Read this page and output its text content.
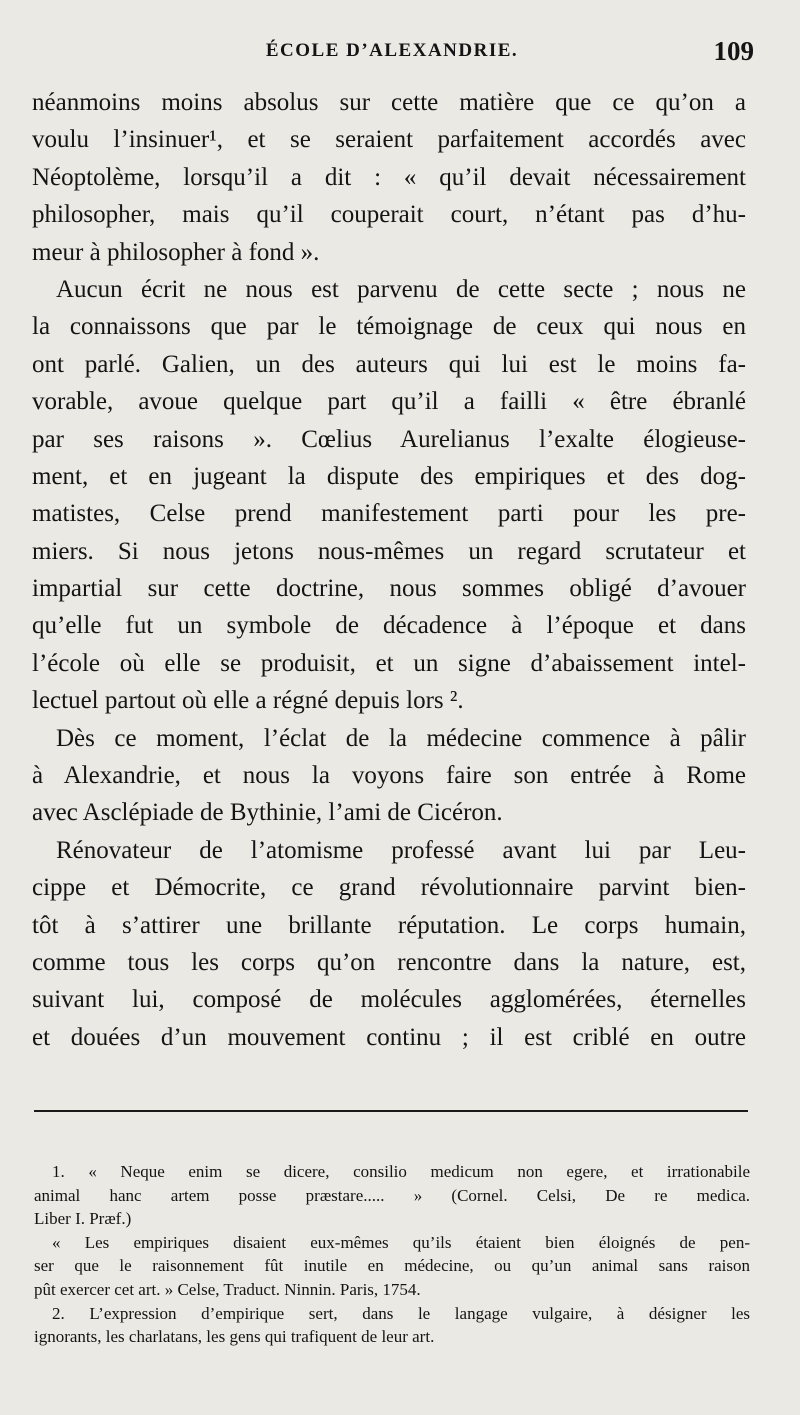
ÉCOLE D’ALEXANDRIE.	109
néanmoins moins absolus sur cette matière que ce qu’on a
voulu l’insinuer¹, et se seraient parfaitement accordés avec
Néoptolème, lorsqu’il a dit : « qu’il devait nécessairement
philosopher, mais qu’il couperait court, n’étant pas d’hu-
meur à philosopher à fond ».
Aucun écrit ne nous est parvenu de cette secte ; nous ne
la connaissons que par le témoignage de ceux qui nous en
ont parlé. Galien, un des auteurs qui lui est le moins fa-
vorable, avoue quelque part qu’il a failli « être ébranlé
par ses raisons ». Cœlius Aurelianus l’exalte élogieuse-
ment, et en jugeant la dispute des empiriques et des dog-
matistes, Celse prend manifestement parti pour les pre-
miers. Si nous jetons nous-mêmes un regard scrutateur et
impartial sur cette doctrine, nous sommes obligé d’avouer
qu’elle fut un symbole de décadence à l’époque et dans
l’école où elle se produisit, et un signe d’abaissement intel-
lectuel partout où elle a régné depuis lors ².
Dès ce moment, l’éclat de la médecine commence à pâlir
à Alexandrie, et nous la voyons faire son entrée à Rome
avec Asclépiade de Bythinie, l’ami de Cicéron.
Rénovateur de l’atomisme professé avant lui par Leu-
cippe et Démocrite, ce grand révolutionnaire parvint bien-
tôt à s’attirer une brillante réputation. Le corps humain,
comme tous les corps qu’on rencontre dans la nature, est,
suivant lui, composé de molécules agglomérées, éternelles
et douées d’un mouvement continu ; il est criblé en outre
1. « Neque enim se dicere, consilio medicum non egere, et irrationabile
animal hanc artem posse præstare..... » (Cornel. Celsi, De re medica.
Liber I. Præf.)
« Les empiriques disaient eux-mêmes qu’ils étaient bien éloignés de pen-
ser que le raisonnement fût inutile en médecine, ou qu’un animal sans raison
pût exercer cet art. » Celse, Traduct. Ninnin. Paris, 1754.
2. L’expression d’empirique sert, dans le langage vulgaire, à désigner les
ignorants, les charlatans, les gens qui trafiquent de leur art.
